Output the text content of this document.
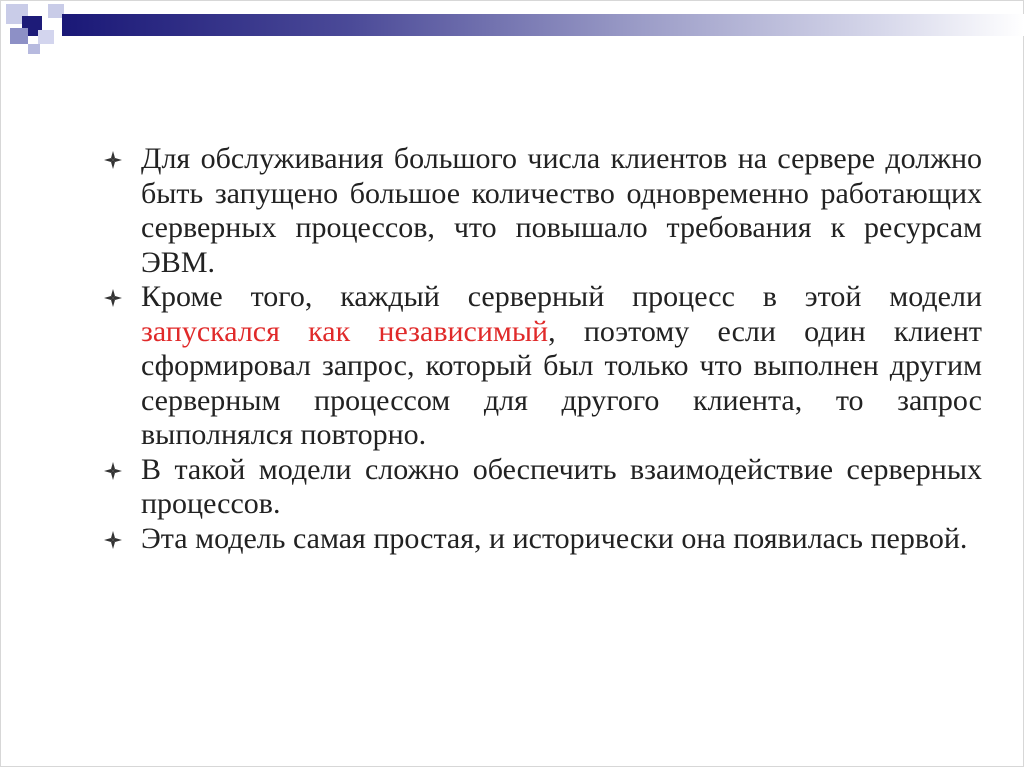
Для обслуживания большого числа клиентов на сервере должно быть запущено большое количество одновременно работающих серверных процессов, что повышало требования к ресурсам ЭВМ.

Кроме того, каждый серверный процесс в этой модели запускался как независимый, поэтому если один клиент сформировал запрос, который был только что выполнен другим серверным процессом для другого клиента, то запрос выполнялся повторно.

В такой модели сложно обеспечить взаимодействие серверных процессов.

Эта модель самая простая, и исторически она появилась первой.
